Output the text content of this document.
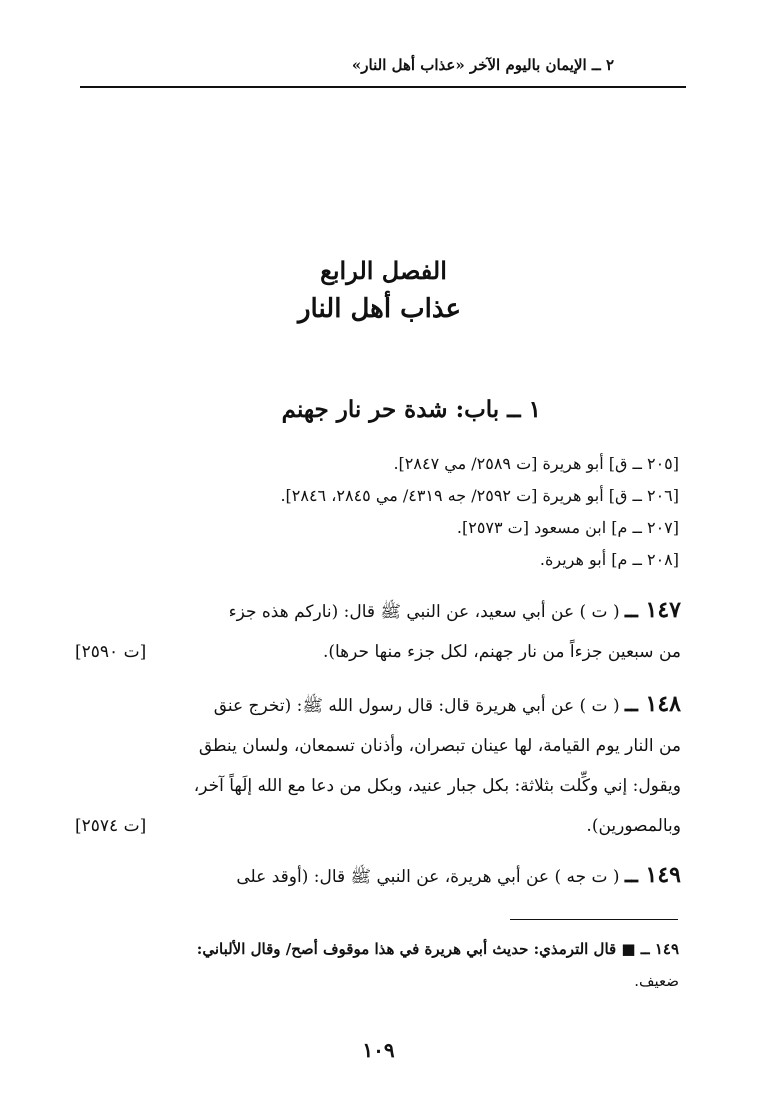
٢ ــ الإيمان باليوم الآخر «عذاب أهل النار»
الفصل الرابع
عذاب أهل النار
١ ــ باب: شدة حر نار جهنم
[٢٠٥ ــ ق] أبو هريرة [ت ٢٥٨٩/ مي ٢٨٤٧].
[٢٠٦ ــ ق] أبو هريرة [ت ٢٥٩٢/ جه ٤٣١٩/ مي ٢٨٤٥، ٢٨٤٦].
[٢٠٧ ــ م] ابن مسعود [ت ٢٥٧٣].
[٢٠٨ ــ م] أبو هريرة.
١٤٧ ــ ( ت ) عن أبي سعيد، عن النبي ﷺ قال: (ناركم هذه جزء
من سبعين جزءاً من نار جهنم، لكل جزء منها حرها).
[ت ٢٥٩٠]
١٤٨ ــ ( ت ) عن أبي هريرة قال: قال رسول الله ﷺ: (تخرج عنق
من النار يوم القيامة، لها عينان تبصران، وأذنان تسمعان، ولسان ينطق
ويقول: إني وكِّلت بثلاثة: بكل جبار عنيد، وبكل من دعا مع الله إلَهاً آخر،
وبالمصورين).
[ت ٢٥٧٤]
١٤٩ ــ ( ت جه ) عن أبي هريرة، عن النبي ﷺ قال: (أوقد على
١٤٩ ــ ■ قال الترمذي: حديث أبي هريرة في هذا موقوف أصح/ وقال الألباني:
ضعيف.
١٠٩
